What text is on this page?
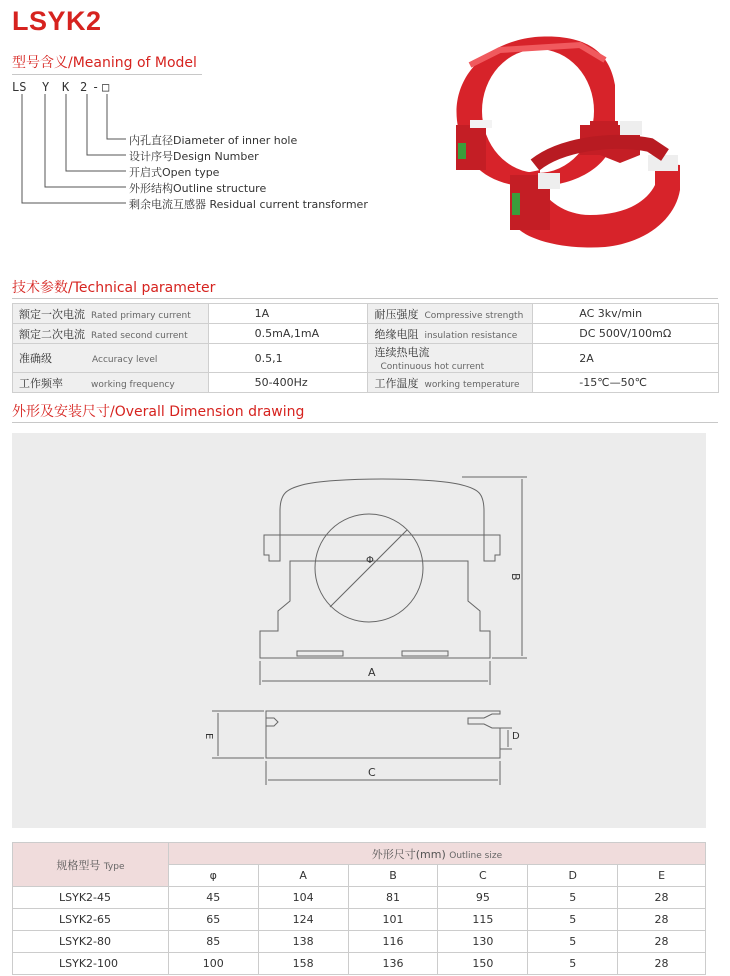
LSYK2
型号含义/Meaning of Model
LS Y K 2 - □
内孔直径Diameter of inner hole
设计序号Design Number
开启式Open type
外形结构Outline structure
剩余电流互感器 Residual current transformer
技术参数/Technical parameter
额定一次电流 Rated primary current	1A	耐压强度 Compressive strength	AC 3kv/min
额定二次电流 Rated second current	0.5mA,1mA	绝缘电阻 insulation resistance	DC 500V/100mΩ
准确级 Accuracy level	0.5,1	连续热电流Continuous hot current	2A
工作频率 working frequency	50-400Hz	工作温度 working temperature	-15℃—50℃
外形及安装尺寸/Overall Dimension drawing
Φ
A
B
C
D
E
规格型号 Type	外形尺寸(mm) Outline size					
	φ	A	B	C	D	E
LSYK2-45	45	104	81	95	5	28
LSYK2-65	65	124	101	115	5	28
LSYK2-80	85	138	116	130	5	28
LSYK2-100	100	158	136	150	5	28
